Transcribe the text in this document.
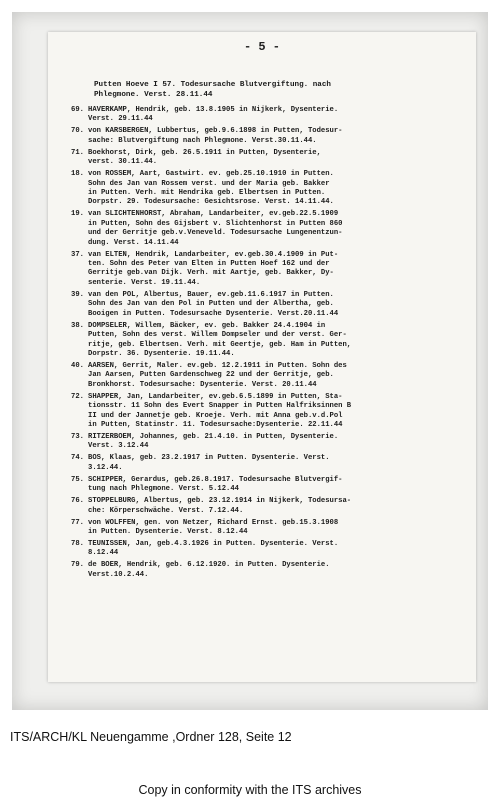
- 5 -
Putten Hoeve I 57. Todesursache Blutvergiftung. nach
Phlegmone. Verst. 28.11.44
69. HAVERKAMP, Hendrik, geb. 13.8.1905 in Nijkerk, Dysenterie.
Verst. 29.11.44
70. von KARSBERGEN, Lubbertus, geb.9.6.1898 in Putten, Todesur-
sache: Blutvergiftung nach Phlegmone. Verst.30.11.44.
71. Boekhorst, Dirk, geb. 26.5.1911 in Putten, Dysenterie,
verst. 30.11.44.
18. von ROSSEM, Aart, Gastwirt. ev. geb.25.10.1910 in Putten.
Sohn des Jan van Rossem verst. und der Maria geb. Bakker
in Putten. Verh. mit Hendrika geb. Elbertsen in Putten.
Dorpstr. 29. Todesursache: Gesichtsrose. Verst. 14.11.44.
19. van SLICHTENHORST, Abraham, Landarbeiter, ev.geb.22.5.1909
in Putten, Sohn des Gijsbert v. Slichtenhorst in Putten 860
und der Gerritje geb.v.Veneveld. Todesursache Lungenentzun-
dung. Verst. 14.11.44
37. van ELTEN, Hendrik, Landarbeiter, ev.geb.30.4.1909 in Put-
ten. Sohn des Peter van Elten in Putten Hoef 162 und der
Gerritje geb.van Dijk. Verh. mit Aartje, geb. Bakker, Dy-
senterie. Verst. 19.11.44.
39. van den POL, Albertus, Bauer, ev.geb.11.6.1917 in Putten.
Sohn des Jan van den Pol in Putten und der Albertha, geb.
Booigen in Putten. Todesursache Dysenterie. Verst.20.11.44
38. DOMPSELER, Willem, Bäcker, ev. geb. Bakker 24.4.1904 in
Putten, Sohn des verst. Willem Dompseler und der verst. Ger-
ritje, geb. Elbertsen. Verh. mit Geertje, geb. Ham in Putten,
Dorpstr. 36. Dysenterie. 19.11.44.
40. AARSEN, Gerrit, Maler. ev.geb. 12.2.1911 in Putten. Sohn des
Jan Aarsen, Putten Gardenschweg 22 und der Gerritje, geb.
Bronkhorst. Todesursache: Dysenterie. Verst. 20.11.44
72. SHAPPER, Jan, Landarbeiter, ev.geb.6.5.1899 in Putten, Sta-
tionsstr. 11 Sohn des Evert Snapper in Putten Halfriksinnen B
II und der Jannetje geb. Kroeje. Verh. mit Anna geb.v.d.Pol
in Putten, Statinstr. 11. Todesursache:Dysenterie. 22.11.44
73. RITZERBOEM, Johannes, geb. 21.4.10. in Putten, Dysenterie.
Verst. 3.12.44
74. BOS, Klaas, geb. 23.2.1917 in Putten. Dysenterie. Verst.
3.12.44.
75. SCHIPPER, Gerardus, geb.26.8.1917. Todesursache Blutvergif-
tung nach Phlegmone. Verst. 5.12.44
76. STOPPELBURG, Albertus, geb. 23.12.1914 in Nijkerk, Todesursa-
che: Körperschwäche. Verst. 7.12.44.
77. von WOLFFEN, gen. von Netzer, Richard Ernst. geb.15.3.1908
in Putten. Dysenterie. Verst. 8.12.44
78. TEUNISSEN, Jan, geb.4.3.1926 in Putten. Dysenterie. Verst.
8.12.44
79. de BOER, Hendrik, geb. 6.12.1920. in Putten. Dysenterie.
Verst.10.2.44.
ITS/ARCH/KL Neuengamme ,Ordner 128, Seite 12
Copy in conformity with the ITS archives
